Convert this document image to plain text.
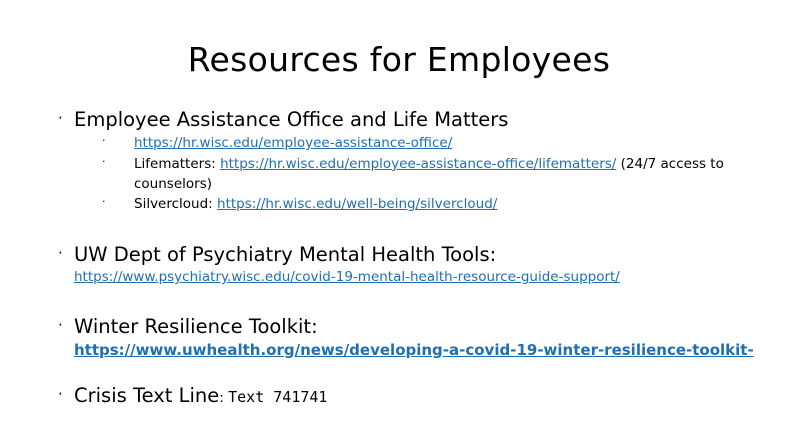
Resources for Employees
· Employee Assistance Office and Life Matters
· https://hr.wisc.edu/employee-assistance-office/
· Lifematters: https://hr.wisc.edu/employee-assistance-office/lifematters/ (24/7 access to counselors)
· Silvercloud: https://hr.wisc.edu/well-being/silvercloud/
· UW Dept of Psychiatry Mental Health Tools:
https://www.psychiatry.wisc.edu/covid-19-mental-health-resource-guide-support/
· Winter Resilience Toolkit:
https://www.uwhealth.org/news/developing-a-covid-19-winter-resilience-toolkit-
· Crisis Text Line: Text 741741
